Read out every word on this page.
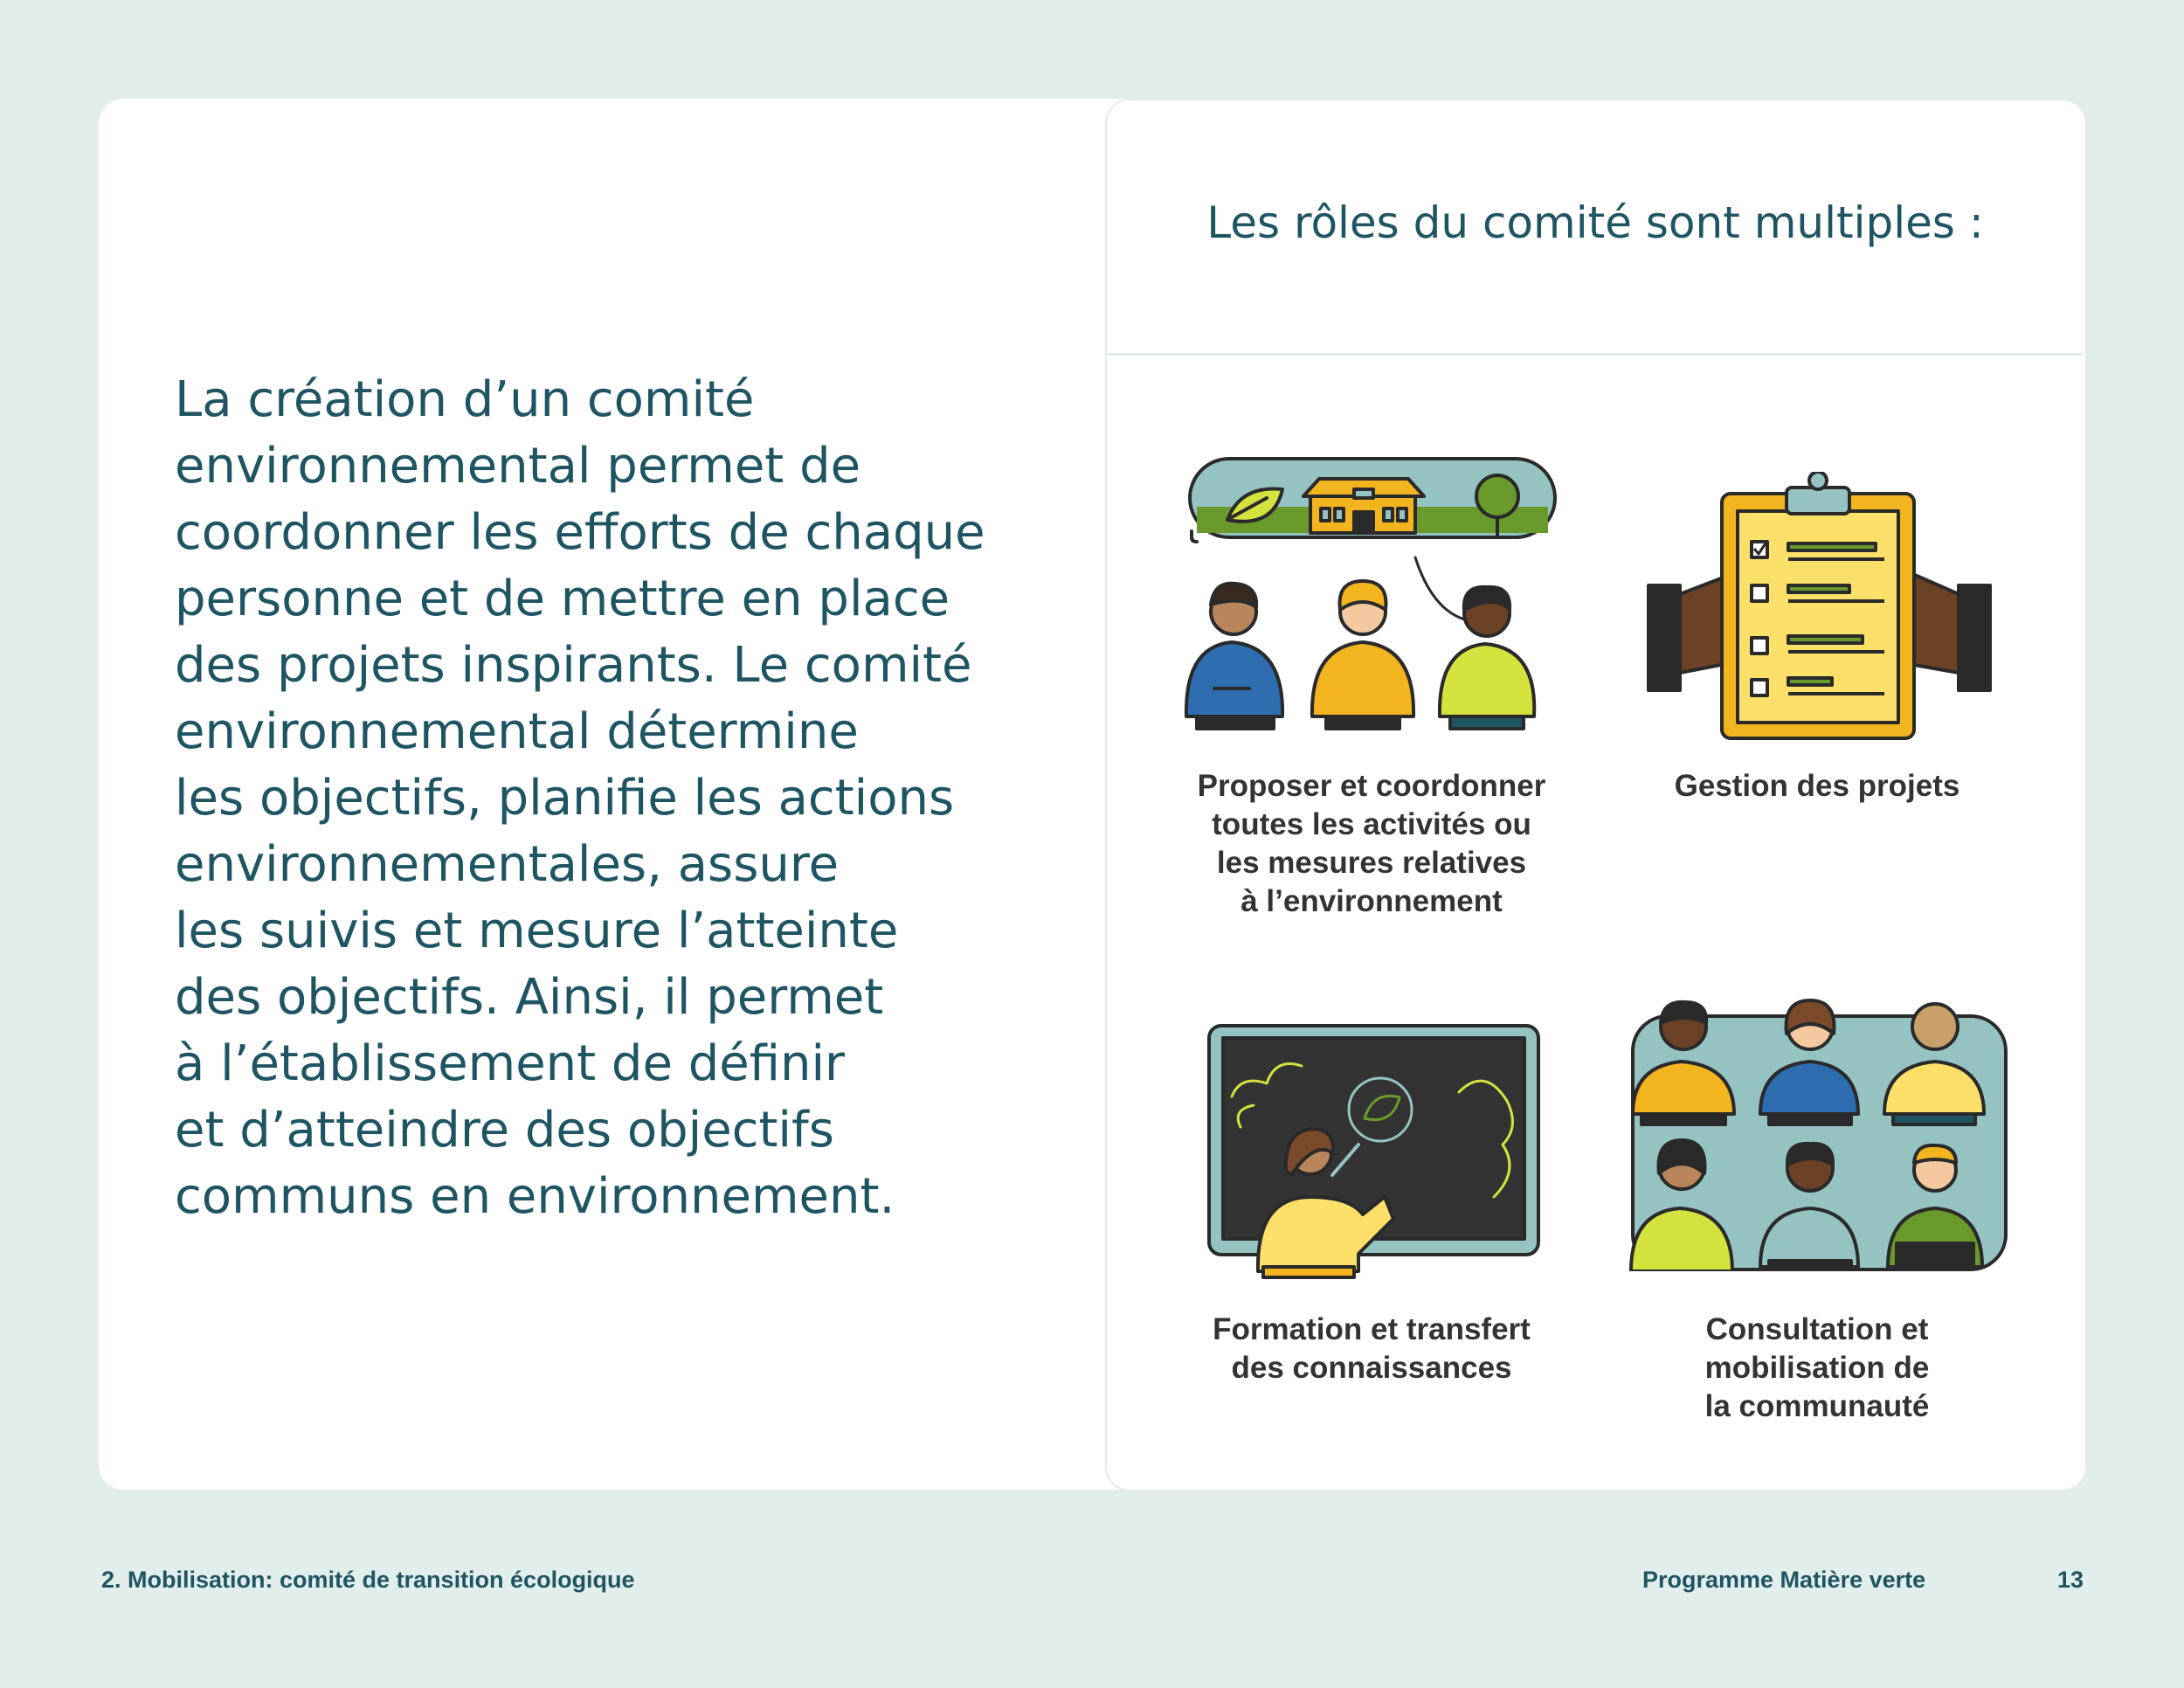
La création d’un comité
environnemental permet de
coordonner les efforts de chaque
personne et de mettre en place
des projets inspirants. Le comité
environnemental détermine
les objectifs, planifie les actions
environnementales, assure
les suivis et mesure l’atteinte
des objectifs. Ainsi, il permet
à l’établissement de définir
et d’atteindre des objectifs
communs en environnement.

Les rôles du comité sont multiples :
Proposer et coordonner
toutes les activités ou
les mesures relatives
à l’environnement
Gestion des projets
Formation et transfert
des connaissances
Consultation et
mobilisation de
la communauté
2. Mobilisation: comité de transition écologique	Programme Matière verte	13
